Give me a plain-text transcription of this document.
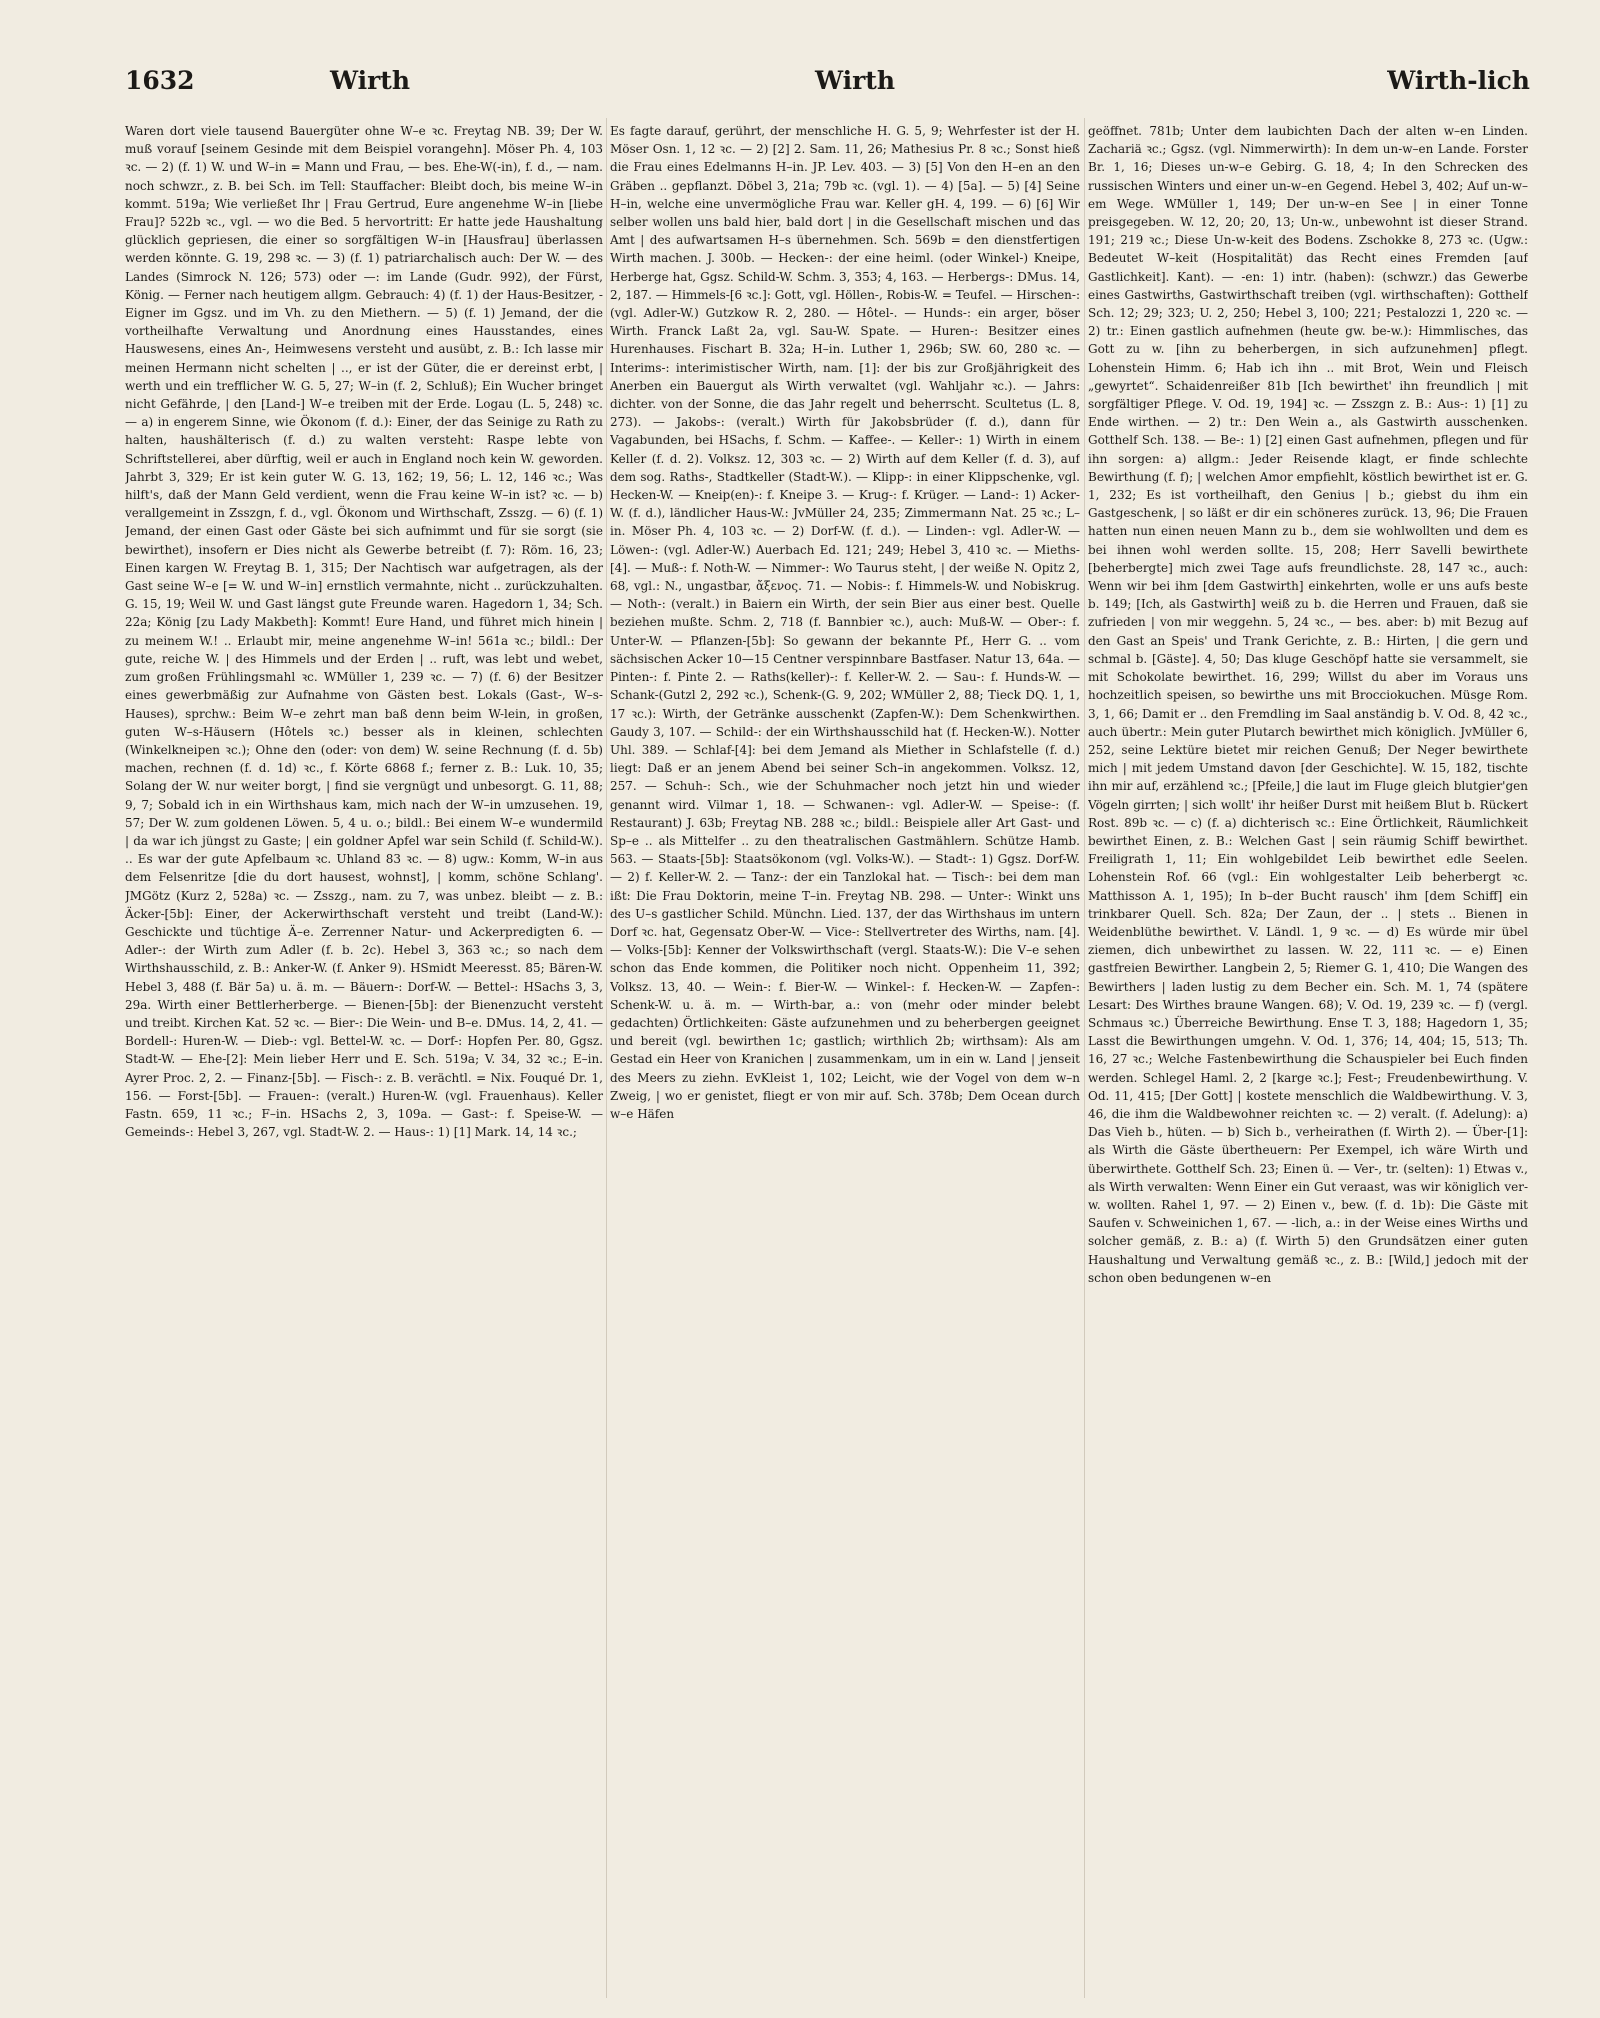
1632	Wirth	Wirth	Wirth-lich

Waren dort viele tausend Bauergüter ohne W–e ꝛc. Freytag NB. 39; Der W. muß vorauf [seinem Gesinde mit dem Beispiel vorangehn]. Möser Ph. 4, 103 ꝛc. — 2) (f. 1) W. und W–in = Mann und Frau, — bes. Ehe-W(-in), f. d., — nam. noch schwzr., z. B. bei Sch. im Tell: Stauffacher: Bleibt doch, bis meine W–in kommt. 519a; Wie verließet Ihr | Frau Gertrud, Eure angenehme W–in [liebe Frau]? 522b ꝛc., vgl. — wo die Bed. 5 hervortritt: Er hatte jede Haushaltung glücklich gepriesen, die einer so sorgfältigen W–in [Hausfrau] überlassen werden könnte. G. 19, 298 ꝛc. — 3) (f. 1) patriarchalisch auch: Der W. — des Landes (Simrock N. 126; 573) oder —: im Lande (Gudr. 992), der Fürst, König. — Ferner nach heutigem allgm. Gebrauch: 4) (f. 1) der Haus-Besitzer, -Eigner im Ggsz. und im Vh. zu den Miethern. — 5) (f. 1) Jemand, der die vortheilhafte Verwaltung und Anordnung eines Hausstandes, eines Hauswesens, eines An-, Heimwesens versteht und ausübt, z. B.: Ich lasse mir meinen Hermann nicht schelten | .., er ist der Güter, die er dereinst erbt, | werth und ein trefflicher W. G. 5, 27; W–in (f. 2, Schluß); Ein Wucher bringet nicht Gefährde, | den [Land-] W–e treiben mit der Erde. Logau (L. 5, 248) ꝛc. — a) in engerem Sinne, wie Ökonom (f. d.): Einer, der das Seinige zu Rath zu halten, haushälterisch (f. d.) zu walten versteht: Raspe lebte von Schriftstellerei, aber dürftig, weil er auch in England noch kein W. geworden. Jahrbt 3, 329; Er ist kein guter W. G. 13, 162; 19, 56; L. 12, 146 ꝛc.; Was hilft's, daß der Mann Geld verdient, wenn die Frau keine W–in ist? ꝛc. — b) verallgemeint in Zsszgn, f. d., vgl. Ökonom und Wirthschaft, Zsszg. — 6) (f. 1) Jemand, der einen Gast oder Gäste bei sich aufnimmt und für sie sorgt (sie bewirthet), insofern er Dies nicht als Gewerbe betreibt (f. 7): Röm. 16, 23; Einen kargen W. Freytag B. 1, 315; Der Nachtisch war aufgetragen, als der Gast seine W–e [= W. und W–in] ernstlich vermahnte, nicht .. zurückzuhalten. G. 15, 19; Weil W. und Gast längst gute Freunde waren. Hagedorn 1, 34; Sch. 22a; König [zu Lady Makbeth]: Kommt! Eure Hand, und führet mich hinein | zu meinem W.! .. Erlaubt mir, meine angenehme W–in! 561a ꝛc.; bildl.: Der gute, reiche W. | des Himmels und der Erden | .. ruft, was lebt und webet, zum großen Frühlingsmahl ꝛc. WMüller 1, 239 ꝛc. — 7) (f. 6) der Besitzer eines gewerbmäßig zur Aufnahme von Gästen best. Lokals (Gast-, W–s-Hauses), sprchw.: Beim W–e zehrt man baß denn beim W-lein, in großen, guten W–s-Häusern (Hôtels ꝛc.) besser als in kleinen, schlechten (Winkelkneipen ꝛc.); Ohne den (oder: von dem) W. seine Rechnung (f. d. 5b) machen, rechnen (f. d. 1d) ꝛc., f. Körte 6868 f.; ferner z. B.: Luk. 10, 35; Solang der W. nur weiter borgt, | find sie vergnügt und unbesorgt. G. 11, 88; 9, 7; Sobald ich in ein Wirthshaus kam, mich nach der W–in umzusehen. 19, 57; Der W. zum goldenen Löwen. 5, 4 u. o.; bildl.: Bei einem W–e wundermild | da war ich jüngst zu Gaste; | ein goldner Apfel war sein Schild (f. Schild-W.). .. Es war der gute Apfelbaum ꝛc. Uhland 83 ꝛc. — 8) ugw.: Komm, W–in aus dem Felsenritze [die du dort hausest, wohnst], | komm, schöne Schlang'. JMGötz (Kurz 2, 528a) ꝛc. — Zsszg., nam. zu 7, was unbez. bleibt — z. B.: Äcker-[5b]: Einer, der Ackerwirthschaft versteht und treibt (Land-W.): Geschickte und tüchtige Ä–e. Zerrenner Natur- und Ackerpredigten 6. — Adler-: der Wirth zum Adler (f. b. 2c). Hebel 3, 363 ꝛc.; so nach dem Wirthshausschild, z. B.: Anker-W. (f. Anker 9). HSmidt Meeresst. 85; Bären-W. Hebel 3, 488 (f. Bär 5a) u. ä. m. — Bäuern-: Dorf-W. — Bettel-: HSachs 3, 3, 29a. Wirth einer Bettlerherberge. — Bienen-[5b]: der Bienenzucht versteht und treibt. Kirchen Kat. 52 ꝛc. — Bier-: Die Wein- und B–e. DMus. 14, 2, 41. — Bordell-: Huren-W. — Dieb-: vgl. Bettel-W. ꝛc. — Dorf-: Hopfen Per. 80, Ggsz. Stadt-W. — Ehe-[2]: Mein lieber Herr und E. Sch. 519a; V. 34, 32 ꝛc.; E–in. Ayrer Proc. 2, 2. — Finanz-[5b]. — Fisch-: z. B. verächtl. = Nix. Fouqué Dr. 1, 156. — Forst-[5b]. — Frauen-: (veralt.) Huren-W. (vgl. Frauenhaus). Keller Fastn. 659, 11 ꝛc.; F–in. HSachs 2, 3, 109a. — Gast-: f. Speise-W. — Gemeinds-: Hebel 3, 267, vgl. Stadt-W. 2. — Haus-: 1) [1] Mark. 14, 14 ꝛc.;

Es fagte darauf, gerührt, der menschliche H. G. 5, 9; Wehrfester ist der H. Möser Osn. 1, 12 ꝛc. — 2) [2] 2. Sam. 11, 26; Mathesius Pr. 8 ꝛc.; Sonst hieß die Frau eines Edelmanns H–in. JP. Lev. 403. — 3) [5] Von den H–en an den Gräben .. gepflanzt. Döbel 3, 21a; 79b ꝛc. (vgl. 1). — 4) [5a]. — 5) [4] Seine H–in, welche eine unvermögliche Frau war. Keller gH. 4, 199. — 6) [6] Wir selber wollen uns bald hier, bald dort | in die Gesellschaft mischen und das Amt | des aufwartsamen H–s übernehmen. Sch. 569b = den dienstfertigen Wirth machen. J. 300b. — Hecken-: der eine heiml. (oder Winkel-) Kneipe, Herberge hat, Ggsz. Schild-W. Schm. 3, 353; 4, 163. — Herbergs-: DMus. 14, 2, 187. — Himmels-[6 ꝛc.]: Gott, vgl. Höllen-, Robis-W. = Teufel. — Hirschen-: (vgl. Adler-W.) Gutzkow R. 2, 280. — Hôtel-. — Hunds-: ein arger, böser Wirth. Franck Laßt 2a, vgl. Sau-W. Spate. — Huren-: Besitzer eines Hurenhauses. Fischart B. 32a; H–in. Luther 1, 296b; SW. 60, 280 ꝛc. — Interims-: interimistischer Wirth, nam. [1]: der bis zur Großjährigkeit des Anerben ein Bauergut als Wirth verwaltet (vgl. Wahljahr ꝛc.). — Jahrs: dichter. von der Sonne, die das Jahr regelt und beherrscht. Scultetus (L. 8, 273). — Jakobs-: (veralt.) Wirth für Jakobsbrüder (f. d.), dann für Vagabunden, bei HSachs, f. Schm. — Kaffee-. — Keller-: 1) Wirth in einem Keller (f. d. 2). Volksz. 12, 303 ꝛc. — 2) Wirth auf dem Keller (f. d. 3), auf dem sog. Raths-, Stadtkeller (Stadt-W.). — Klipp-: in einer Klippschenke, vgl. Hecken-W. — Kneip(en)-: f. Kneipe 3. — Krug-: f. Krüger. — Land-: 1) Acker-W. (f. d.), ländlicher Haus-W.: JvMüller 24, 235; Zimmermann Nat. 25 ꝛc.; L–in. Möser Ph. 4, 103 ꝛc. — 2) Dorf-W. (f. d.). — Linden-: vgl. Adler-W. — Löwen-: (vgl. Adler-W.) Auerbach Ed. 121; 249; Hebel 3, 410 ꝛc. — Mieths-[4]. — Muß-: f. Noth-W. — Nimmer-: Wo Taurus steht, | der weiße N. Opitz 2, 68, vgl.: N., ungastbar, ἄξενος. 71. — Nobis-: f. Himmels-W. und Nobiskrug. — Noth-: (veralt.) in Baiern ein Wirth, der sein Bier aus einer best. Quelle beziehen mußte. Schm. 2, 718 (f. Bannbier ꝛc.), auch: Muß-W. — Ober-: f. Unter-W. — Pflanzen-[5b]: So gewann der bekannte Pf., Herr G. .. vom sächsischen Acker 10—15 Centner verspinnbare Bastfaser. Natur 13, 64a. — Pinten-: f. Pinte 2. — Raths(keller)-: f. Keller-W. 2. — Sau-: f. Hunds-W. — Schank-(Gutzl 2, 292 ꝛc.), Schenk-(G. 9, 202; WMüller 2, 88; Tieck DQ. 1, 1, 17 ꝛc.): Wirth, der Getränke ausschenkt (Zapfen-W.): Dem Schenkwirthen. Gaudy 3, 107. — Schild-: der ein Wirthshausschild hat (f. Hecken-W.). Notter Uhl. 389. — Schlaf-[4]: bei dem Jemand als Miether in Schlafstelle (f. d.) liegt: Daß er an jenem Abend bei seiner Sch–in angekommen. Volksz. 12, 257. — Schuh-: Sch., wie der Schuhmacher noch jetzt hin und wieder genannt wird. Vilmar 1, 18. — Schwanen-: vgl. Adler-W. — Speise-: (f. Restaurant) J. 63b; Freytag NB. 288 ꝛc.; bildl.: Beispiele aller Art Gast- und Sp–e .. als Mittelfer .. zu den theatralischen Gastmählern. Schütze Hamb. 563. — Staats-[5b]: Staatsökonom (vgl. Volks-W.). — Stadt-: 1) Ggsz. Dorf-W. — 2) f. Keller-W. 2. — Tanz-: der ein Tanzlokal hat. — Tisch-: bei dem man ißt: Die Frau Doktorin, meine T–in. Freytag NB. 298. — Unter-: Winkt uns des U–s gastlicher Schild. Münchn. Lied. 137, der das Wirthshaus im untern Dorf ꝛc. hat, Gegensatz Ober-W. — Vice-: Stellvertreter des Wirths, nam. [4]. — Volks-[5b]: Kenner der Volkswirthschaft (vergl. Staats-W.): Die V–e sehen schon das Ende kommen, die Politiker noch nicht. Oppenheim 11, 392; Volksz. 13, 40. — Wein-: f. Bier-W. — Winkel-: f. Hecken-W. — Zapfen-: Schenk-W. u. ä. m. — Wirth-bar, a.: von (mehr oder minder belebt gedachten) Örtlichkeiten: Gäste aufzunehmen und zu beherbergen geeignet und bereit (vgl. bewirthen 1c; gastlich; wirthlich 2b; wirthsam): Als am Gestad ein Heer von Kranichen | zusammenkam, um in ein w. Land | jenseit des Meers zu ziehn. EvKleist 1, 102; Leicht, wie der Vogel von dem w–n Zweig, | wo er genistet, fliegt er von mir auf. Sch. 378b; Dem Ocean durch w–e Häfen

geöffnet. 781b; Unter dem laubichten Dach der alten w–en Linden. Zachariä ꝛc.; Ggsz. (vgl. Nimmerwirth): In dem un-w–en Lande. Forster Br. 1, 16; Dieses un-w–e Gebirg. G. 18, 4; In den Schrecken des russischen Winters und einer un-w–en Gegend. Hebel 3, 402; Auf un-w–em Wege. WMüller 1, 149; Der un-w–en See | in einer Tonne preisgegeben. W. 12, 20; 20, 13; Un-w., unbewohnt ist dieser Strand. 191; 219 ꝛc.; Diese Un-w-keit des Bodens. Zschokke 8, 273 ꝛc. (Ugw.: Bedeutet W–keit (Hospitalität) das Recht eines Fremden [auf Gastlichkeit]. Kant). — -en: 1) intr. (haben): (schwzr.) das Gewerbe eines Gastwirths, Gastwirthschaft treiben (vgl. wirthschaften): Gotthelf Sch. 12; 29; 323; U. 2, 250; Hebel 3, 100; 221; Pestalozzi 1, 220 ꝛc. — 2) tr.: Einen gastlich aufnehmen (heute gw. be-w.): Himmlisches, das Gott zu w. [ihn zu beherbergen, in sich aufzunehmen] pflegt. Lohenstein Himm. 6; Hab ich ihn .. mit Brot, Wein und Fleisch „gewyrtet“. Schaidenreißer 81b [Ich bewirthet' ihn freundlich | mit sorgfältiger Pflege. V. Od. 19, 194] ꝛc. — Zsszgn z. B.: Aus-: 1) [1] zu Ende wirthen. — 2) tr.: Den Wein a., als Gastwirth ausschenken. Gotthelf Sch. 138. — Be-: 1) [2] einen Gast aufnehmen, pflegen und für ihn sorgen: a) allgm.: Jeder Reisende klagt, er finde schlechte Bewirthung (f. f); | welchen Amor empfiehlt, köstlich bewirthet ist er. G. 1, 232; Es ist vortheilhaft, den Genius | b.; giebst du ihm ein Gastgeschenk, | so läßt er dir ein schöneres zurück. 13, 96; Die Frauen hatten nun einen neuen Mann zu b., dem sie wohlwollten und dem es bei ihnen wohl werden sollte. 15, 208; Herr Savelli bewirthete [beherbergte] mich zwei Tage aufs freundlichste. 28, 147 ꝛc., auch: Wenn wir bei ihm [dem Gastwirth] einkehrten, wolle er uns aufs beste b. 149; [Ich, als Gastwirth] weiß zu b. die Herren und Frauen, daß sie zufrieden | von mir weggehn. 5, 24 ꝛc., — bes. aber: b) mit Bezug auf den Gast an Speis' und Trank Gerichte, z. B.: Hirten, | die gern und schmal b. [Gäste]. 4, 50; Das kluge Geschöpf hatte sie versammelt, sie mit Schokolate bewirthet. 16, 299; Willst du aber im Voraus uns hochzeitlich speisen, so bewirthe uns mit Brocciokuchen. Müsge Rom. 3, 1, 66; Damit er .. den Fremdling im Saal anständig b. V. Od. 8, 42 ꝛc., auch übertr.: Mein guter Plutarch bewirthet mich königlich. JvMüller 6, 252, seine Lektüre bietet mir reichen Genuß; Der Neger bewirthete mich | mit jedem Umstand davon [der Geschichte]. W. 15, 182, tischte ihn mir auf, erzählend ꝛc.; [Pfeile,] die laut im Fluge gleich blutgier'gen Vögeln girrten; | sich wollt' ihr heißer Durst mit heißem Blut b. Rückert Rost. 89b ꝛc. — c) (f. a) dichterisch ꝛc.: Eine Örtlichkeit, Räumlichkeit bewirthet Einen, z. B.: Welchen Gast | sein räumig Schiff bewirthet. Freiligrath 1, 11; Ein wohlgebildet Leib bewirthet edle Seelen. Lohenstein Rof. 66 (vgl.: Ein wohlgestalter Leib beherbergt ꝛc. Matthisson A. 1, 195); In b–der Bucht rausch' ihm [dem Schiff] ein trinkbarer Quell. Sch. 82a; Der Zaun, der .. | stets .. Bienen in Weidenblüthe bewirthet. V. Ländl. 1, 9 ꝛc. — d) Es würde mir übel ziemen, dich unbewirthet zu lassen. W. 22, 111 ꝛc. — e) Einen gastfreien Bewirther. Langbein 2, 5; Riemer G. 1, 410; Die Wangen des Bewirthers | laden lustig zu dem Becher ein. Sch. M. 1, 74 (spätere Lesart: Des Wirthes braune Wangen. 68); V. Od. 19, 239 ꝛc. — f) (vergl. Schmaus ꝛc.) Überreiche Bewirthung. Ense T. 3, 188; Hagedorn 1, 35; Lasst die Bewirthungen umgehn. V. Od. 1, 376; 14, 404; 15, 513; Th. 16, 27 ꝛc.; Welche Fastenbewirthung die Schauspieler bei Euch finden werden. Schlegel Haml. 2, 2 [karge ꝛc.]; Fest-; Freudenbewirthung. V. Od. 11, 415; [Der Gott] | kostete menschlich die Waldbewirthung. V. 3, 46, die ihm die Waldbewohner reichten ꝛc. — 2) veralt. (f. Adelung): a) Das Vieh b., hüten. — b) Sich b., verheirathen (f. Wirth 2). — Über-[1]: als Wirth die Gäste übertheuern: Per Exempel, ich wäre Wirth und überwirthete. Gotthelf Sch. 23; Einen ü. — Ver-, tr. (selten): 1) Etwas v., als Wirth verwalten: Wenn Einer ein Gut veraast, was wir königlich ver-w. wollten. Rahel 1, 97. — 2) Einen v., bew. (f. d. 1b): Die Gäste mit Saufen v. Schweinichen 1, 67. — -lich, a.: in der Weise eines Wirths und solcher gemäß, z. B.: a) (f. Wirth 5) den Grundsätzen einer guten Haushaltung und Verwaltung gemäß ꝛc., z. B.: [Wild,] jedoch mit der schon oben bedungenen w–en
